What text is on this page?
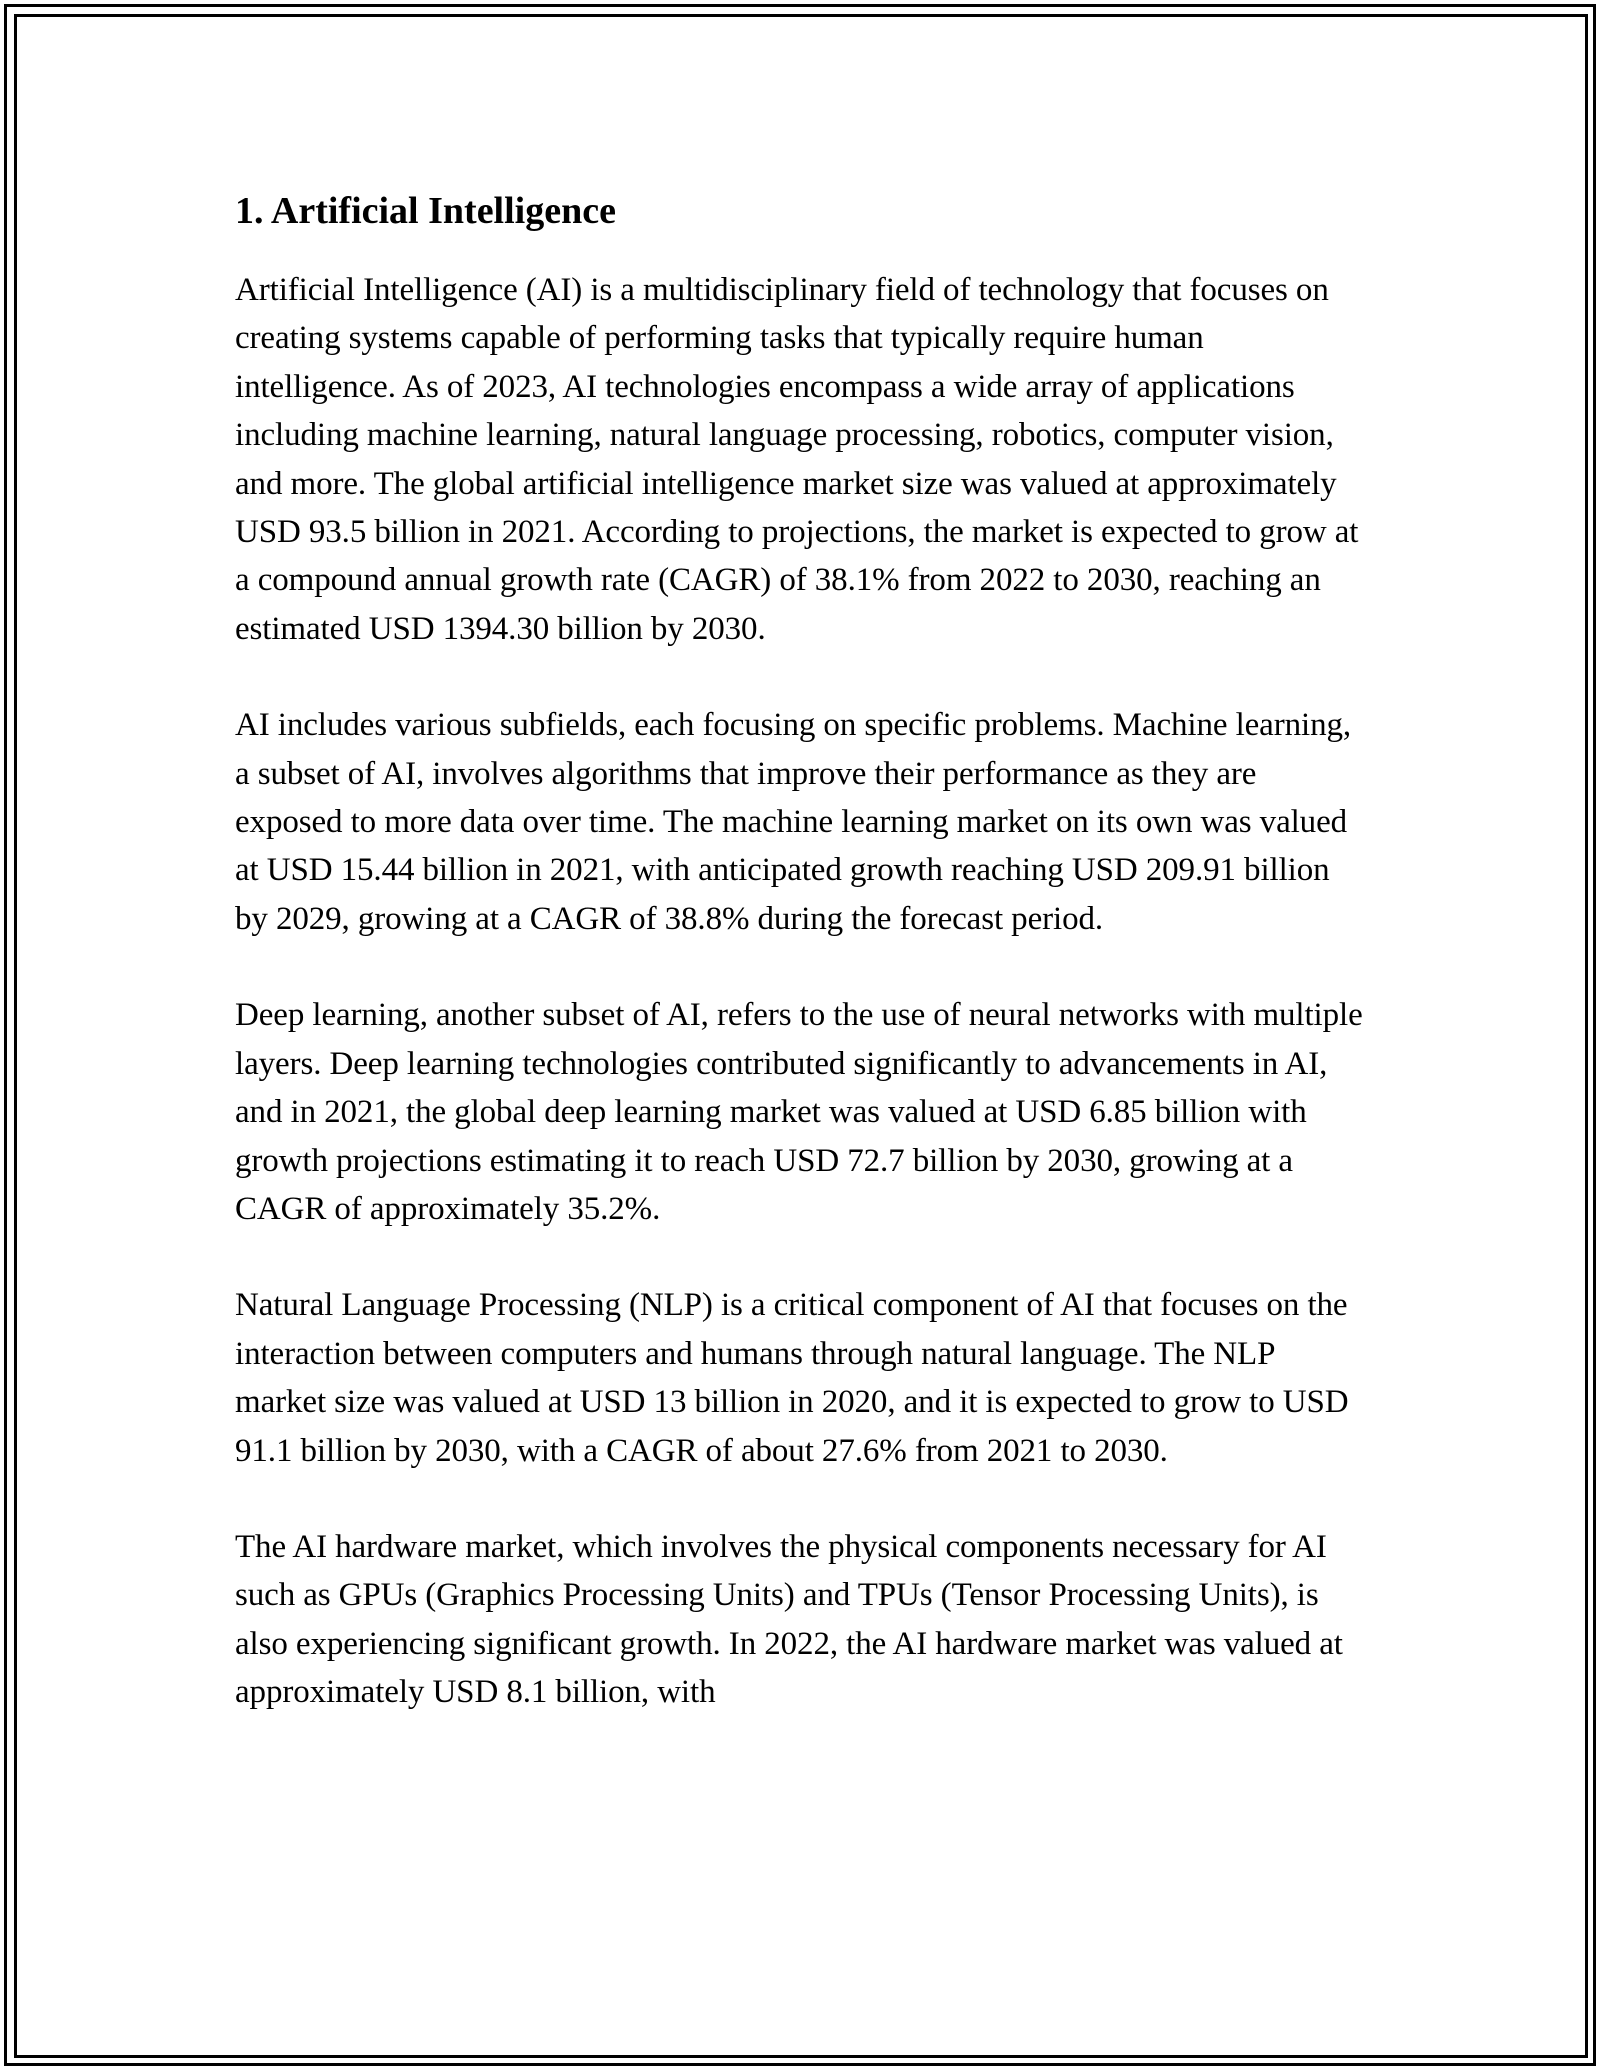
1. Artificial Intelligence

Artificial Intelligence (AI) is a multidisciplinary field of technology that focuses on creating systems capable of performing tasks that typically require human intelligence. As of 2023, AI technologies encompass a wide array of applications including machine learning, natural language processing, robotics, computer vision, and more. The global artificial intelligence market size was valued at approximately USD 93.5 billion in 2021. According to projections, the market is expected to grow at a compound annual growth rate (CAGR) of 38.1% from 2022 to 2030, reaching an estimated USD 1394.30 billion by 2030.

AI includes various subfields, each focusing on specific problems. Machine learning, a subset of AI, involves algorithms that improve their performance as they are exposed to more data over time. The machine learning market on its own was valued at USD 15.44 billion in 2021, with anticipated growth reaching USD 209.91 billion by 2029, growing at a CAGR of 38.8% during the forecast period.

Deep learning, another subset of AI, refers to the use of neural networks with multiple layers. Deep learning technologies contributed significantly to advancements in AI, and in 2021, the global deep learning market was valued at USD 6.85 billion with growth projections estimating it to reach USD 72.7 billion by 2030, growing at a CAGR of approximately 35.2%.

Natural Language Processing (NLP) is a critical component of AI that focuses on the interaction between computers and humans through natural language. The NLP market size was valued at USD 13 billion in 2020, and it is expected to grow to USD 91.1 billion by 2030, with a CAGR of about 27.6% from 2021 to 2030.

The AI hardware market, which involves the physical components necessary for AI such as GPUs (Graphics Processing Units) and TPUs (Tensor Processing Units), is also experiencing significant growth. In 2022, the AI hardware market was valued at approximately USD 8.1 billion, with
